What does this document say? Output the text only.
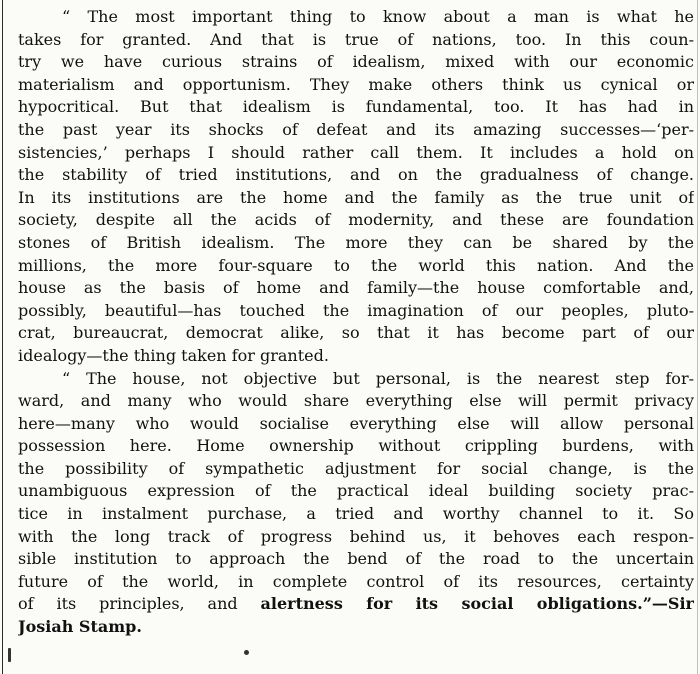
“ The most important thing to know about a man is what he
takes for granted. And that is true of nations, too. In this coun-
try we have curious strains of idealism, mixed with our economic
materialism and opportunism. They make others think us cynical or
hypocritical. But that idealism is fundamental, too. It has had in
the past year its shocks of defeat and its amazing successes—‘per-
sistencies,’ perhaps I should rather call them. It includes a hold on
the stability of tried institutions, and on the gradualness of change.
In its institutions are the home and the family as the true unit of
society, despite all the acids of modernity, and these are foundation
stones of British idealism. The more they can be shared by the
millions, the more four-square to the world this nation. And the
house as the basis of home and family—the house comfortable and,
possibly, beautiful—has touched the imagination of our peoples, pluto-
crat, bureaucrat, democrat alike, so that it has become part of our
idealogy—the thing taken for granted.
“ The house, not objective but personal, is the nearest step for-
ward, and many who would share everything else will permit privacy
here—many who would socialise everything else will allow personal
possession here. Home ownership without crippling burdens, with
the possibility of sympathetic adjustment for social change, is the
unambiguous expression of the practical ideal building society prac-
tice in instalment purchase, a tried and worthy channel to it. So
with the long track of progress behind us, it behoves each respon-
sible institution to approach the bend of the road to the uncertain
future of the world, in complete control of its resources, certainty
of its principles, and alertness for its social obligations.”—Sir
Josiah Stamp.
